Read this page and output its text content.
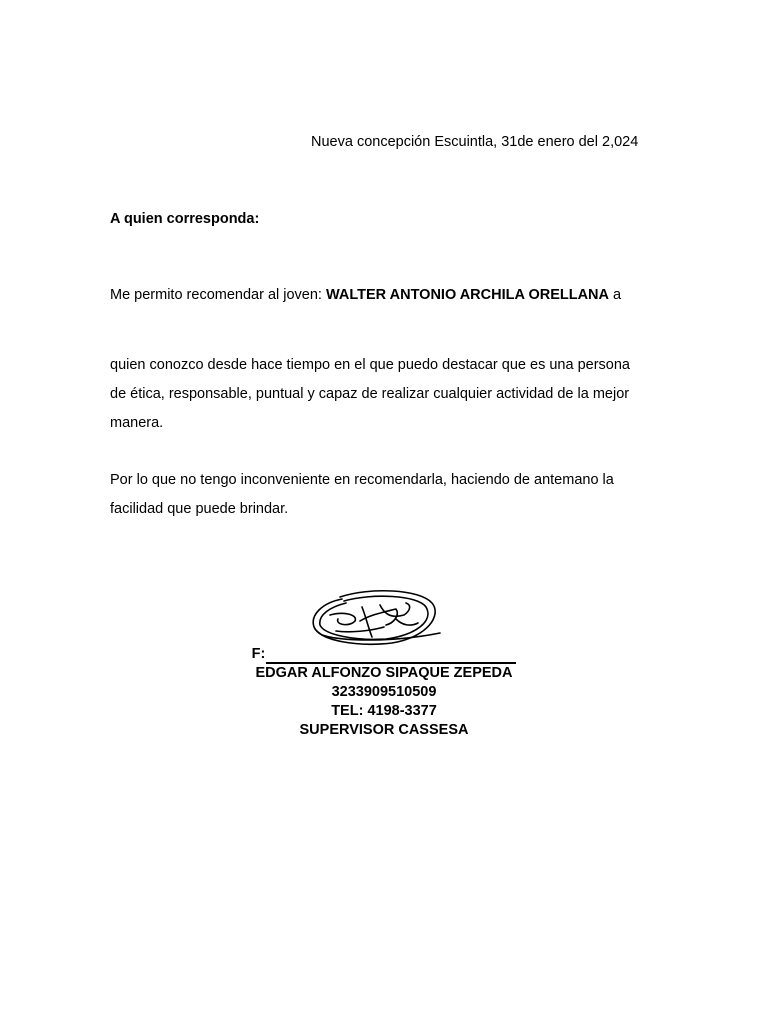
Nueva concepción Escuintla, 31de enero del 2,024
A quien corresponda:
Me permito recomendar al joven: WALTER ANTONIO ARCHILA ORELLANA a
quien conozco desde hace tiempo en el que puedo destacar que es una persona
de ética, responsable, puntual y capaz de realizar cualquier actividad de la mejor
manera.
Por lo que no tengo inconveniente en recomendarla, haciendo de antemano la
facilidad que puede brindar.
F:
EDGAR ALFONZO SIPAQUE ZEPEDA
3233909510509
TEL: 4198-3377
SUPERVISOR CASSESA
